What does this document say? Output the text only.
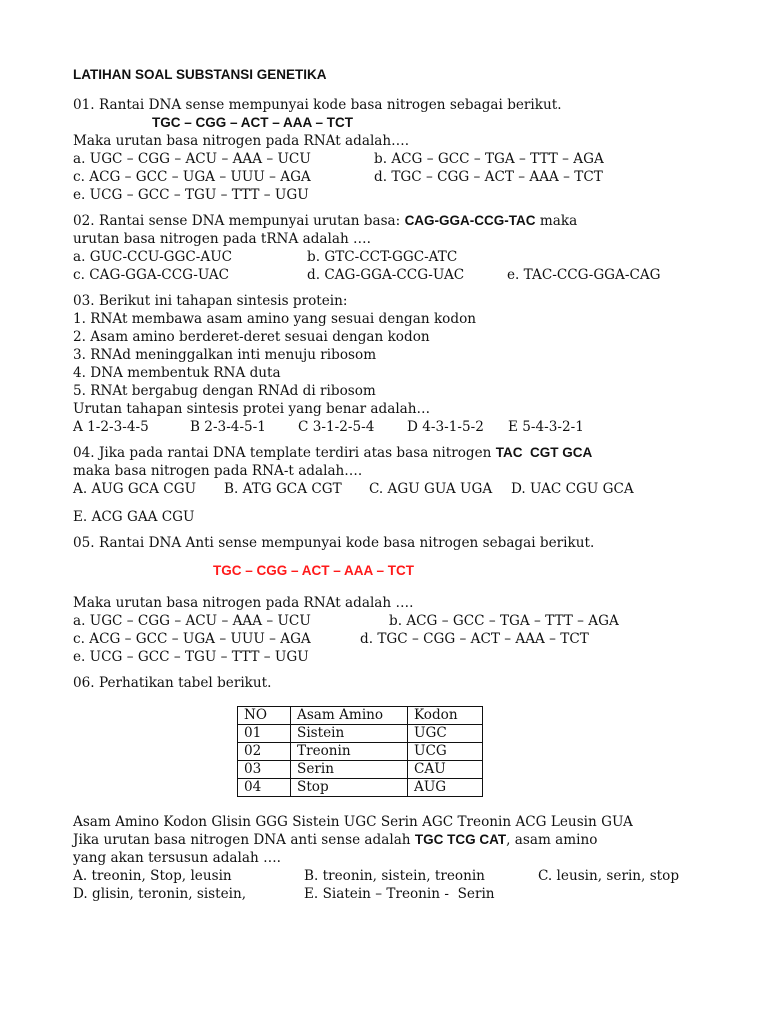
LATIHAN SOAL SUBSTANSI GENETIKA
01. Rantai DNA sense mempunyai kode basa nitrogen sebagai berikut.
TGC – CGG – ACT – AAA – TCT
Maka urutan basa nitrogen pada RNAt adalah….
a. UGC – CGG – ACU – AAA – UCU	b. ACG – GCC – TGA – TTT – AGA
c. ACG – GCC – UGA – UUU – AGA	d. TGC – CGG – ACT – AAA – TCT
e. UCG – GCC – TGU – TTT – UGU
02. Rantai sense DNA mempunyai urutan basa: CAG-GGA-CCG-TAC maka
urutan basa nitrogen pada tRNA adalah ….
a. GUC-CCU-GGC-AUC	b. GTC-CCT-GGC-ATC
c. CAG-GGA-CCG-UAC	d. CAG-GGA-CCG-UAC	e. TAC-CCG-GGA-CAG
03. Berikut ini tahapan sintesis protein:
1. RNAt membawa asam amino yang sesuai dengan kodon
2. Asam amino berderet-deret sesuai dengan kodon
3. RNAd meninggalkan inti menuju ribosom
4. DNA membentuk RNA duta
5. RNAt bergabug dengan RNAd di ribosom
Urutan tahapan sintesis protei yang benar adalah…
A 1-2-3-4-5	B 2-3-4-5-1 C 3-1-2-5-4 D 4-3-1-5-2 E 5-4-3-2-1
04. Jika pada rantai DNA template terdiri atas basa nitrogen TAC  CGT GCA
maka basa nitrogen pada RNA-t adalah….
A. AUG GCA CGU B. ATG GCA CGT C. AGU GUA UGA D. UAC CGU GCA
E. ACG GAA CGU
05. Rantai DNA Anti sense mempunyai kode basa nitrogen sebagai berikut.
TGC – CGG – ACT – AAA – TCT
Maka urutan basa nitrogen pada RNAt adalah ….
a. UGC – CGG – ACU – AAA – UCU	b. ACG – GCC – TGA – TTT – AGA
c. ACG – GCC – UGA – UUU – AGA	d. TGC – CGG – ACT – AAA – TCT
e. UCG – GCC – TGU – TTT – UGU
06. Perhatikan tabel berikut.
NO	Asam Amino	Kodon
01	Sistein	UGC
02	Treonin	UCG
03	Serin	CAU
04	Stop	AUG
Asam Amino Kodon Glisin GGG Sistein UGC Serin AGC Treonin ACG Leusin GUA
Jika urutan basa nitrogen DNA anti sense adalah TGC TCG CAT, asam amino
yang akan tersusun adalah ….
A. treonin, Stop, leusin	B. treonin, sistein, treonin	C. leusin, serin, stop
D. glisin, teronin, sistein,	E. Siatein – Treonin -  Serin
